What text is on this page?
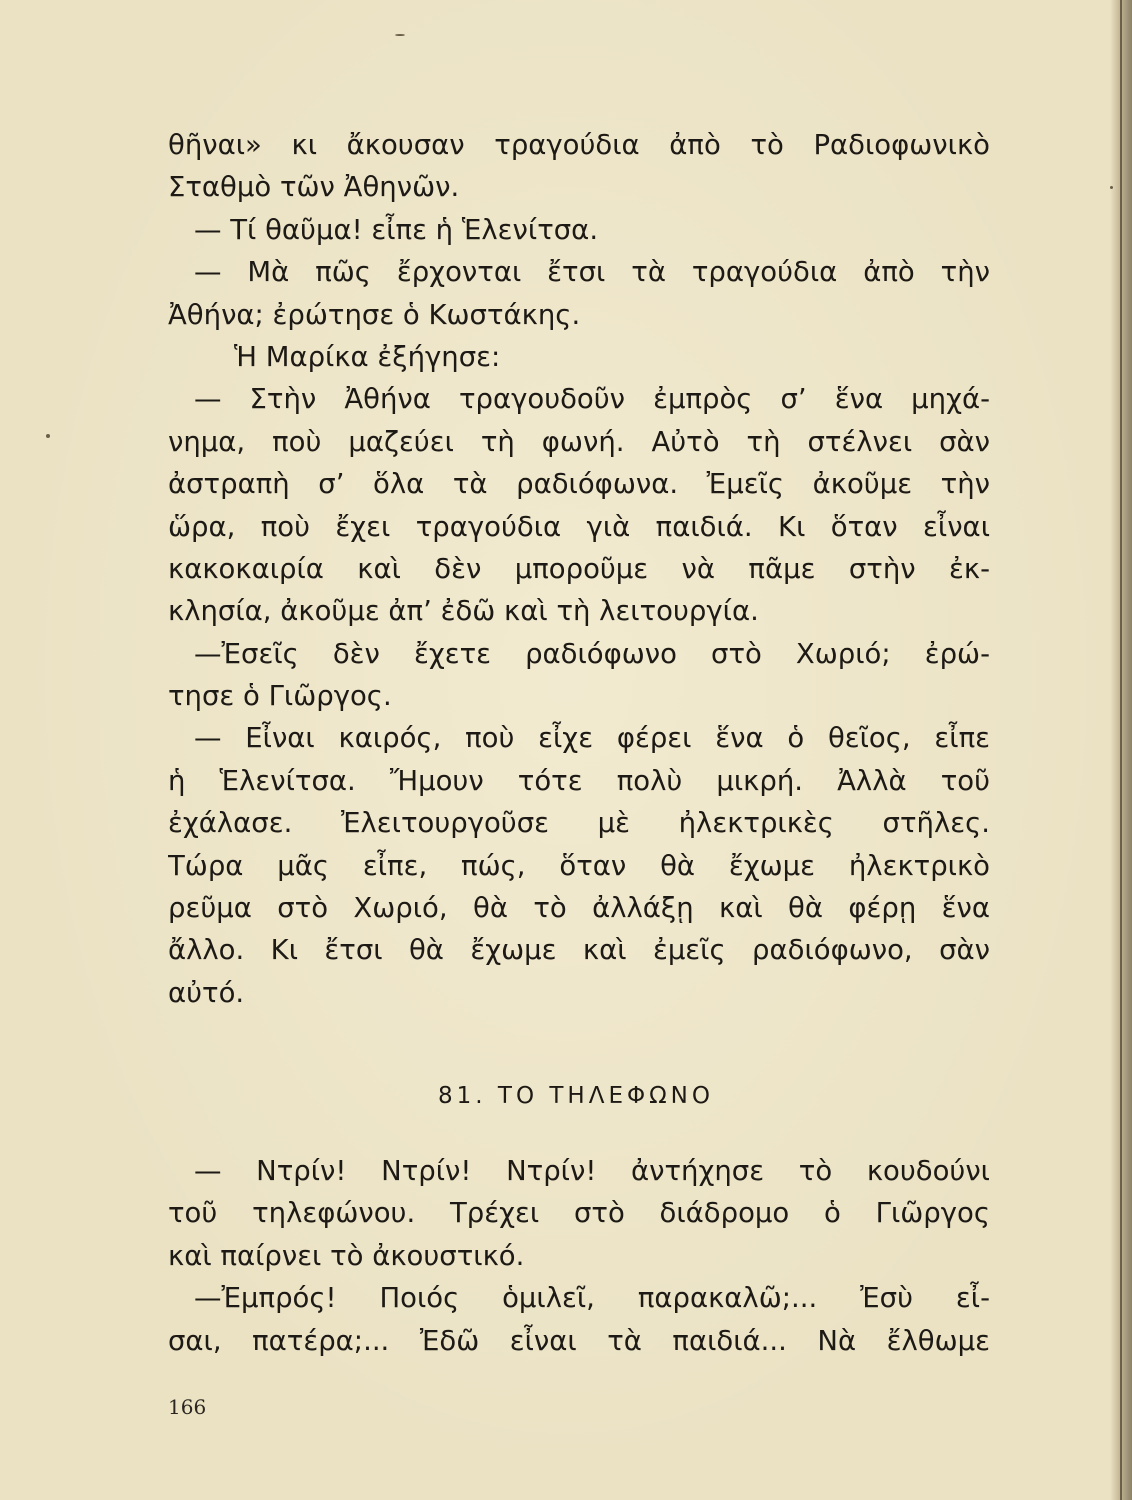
θῆναι» κι ἄκουσαν τραγούδια ἀπὸ τὸ Ραδιοφωνικὸ
Σταθμὸ τῶν Ἀθηνῶν.
— Τί θαῦμα! εἶπε ἡ Ἑλενίτσα.
— Μὰ πῶς ἔρχονται ἔτσι τὰ τραγούδια ἀπὸ τὴν
Ἀθήνα; ἐρώτησε ὁ Κωστάκης.
Ἡ Μαρίκα ἐξήγησε:
— Στὴν Ἀθήνα τραγουδοῦν ἐμπρὸς σ’ ἕνα μηχά-
νημα, ποὺ μαζεύει τὴ φωνή. Αὐτὸ τὴ στέλνει σὰν
ἀστραπὴ σ’ ὅλα τὰ ραδιόφωνα. Ἐμεῖς ἀκοῦμε τὴν
ὥρα, ποὺ ἔχει τραγούδια γιὰ παιδιά. Κι ὅταν εἶναι
κακοκαιρία καὶ δὲν μποροῦμε νὰ πᾶμε στὴν ἐκ-
κλησία, ἀκοῦμε ἀπ’ ἐδῶ καὶ τὴ λειτουργία.
—Ἐσεῖς δὲν ἔχετε ραδιόφωνο στὸ Χωριό; ἐρώ-
τησε ὁ Γιῶργος.
— Εἶναι καιρός, ποὺ εἶχε φέρει ἕνα ὁ θεῖος, εἶπε
ἡ Ἑλενίτσα. Ἤμουν τότε πολὺ μικρή. Ἀλλὰ τοῦ
ἐχάλασε. Ἐλειτουργοῦσε μὲ ἠλεκτρικὲς στῆλες.
Τώρα μᾶς εἶπε, πώς, ὅταν θὰ ἔχωμε ἠλεκτρικὸ
ρεῦμα στὸ Χωριό, θὰ τὸ ἀλλάξῃ καὶ θὰ φέρῃ ἕνα
ἄλλο. Κι ἔτσι θὰ ἔχωμε καὶ ἐμεῖς ραδιόφωνο, σὰν
αὐτό.
81. ΤΟ ΤΗΛΕΦΩΝΟ
— Ντρίν! Ντρίν! Ντρίν! ἀντήχησε τὸ κουδούνι
τοῦ τηλεφώνου. Τρέχει στὸ διάδρομο ὁ Γιῶργος
καὶ παίρνει τὸ ἀκουστικό.
—Ἐμπρός! Ποιός ὁμιλεῖ, παρακαλῶ;... Ἐσὺ εἶ-
σαι, πατέρα;... Ἐδῶ εἶναι τὰ παιδιά... Νὰ ἔλθωμε
166
